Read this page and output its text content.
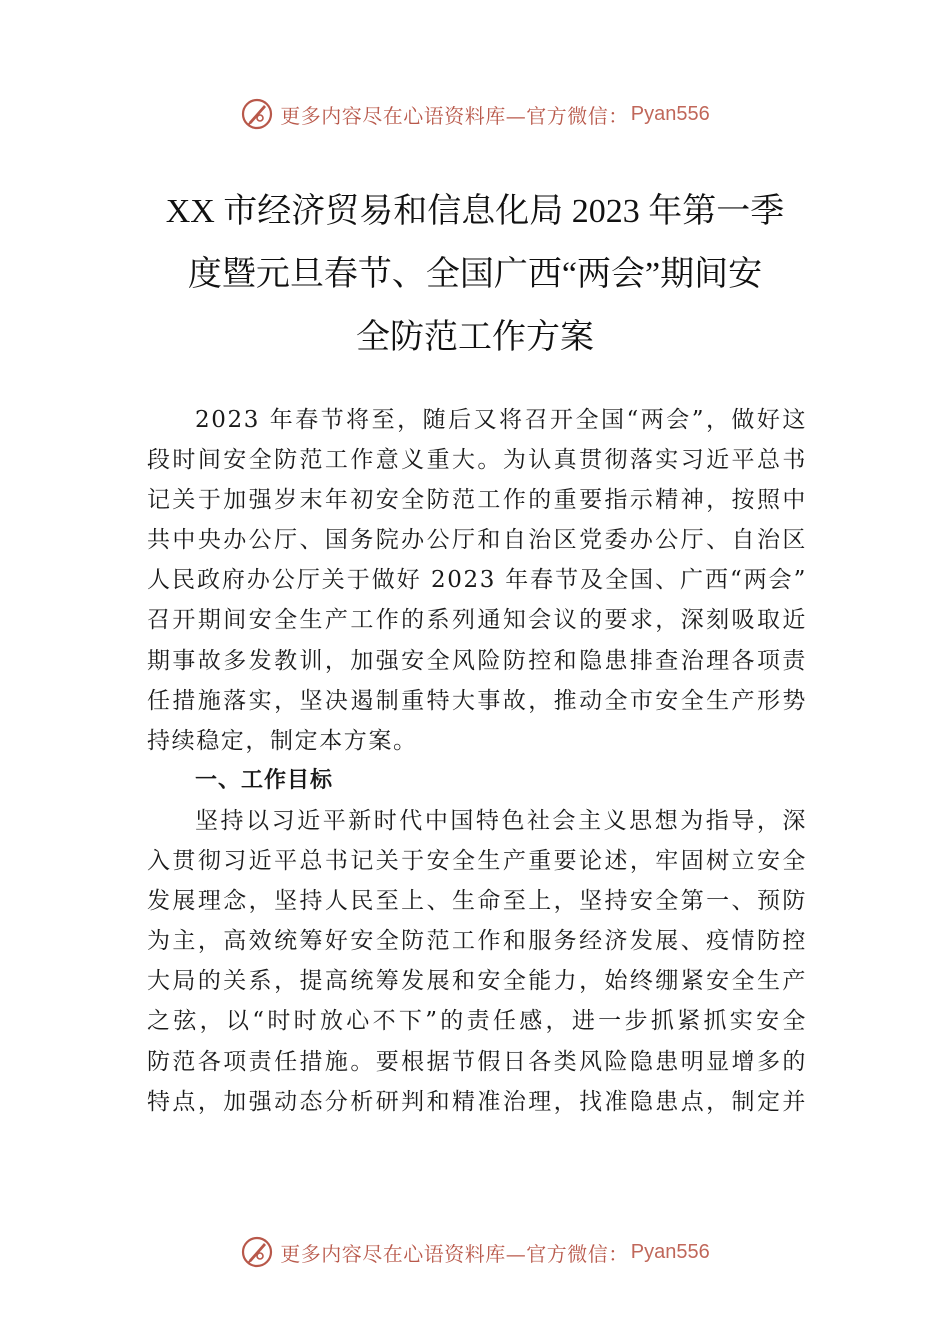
更多内容尽在心语资料库—官方微信： Pyan556
XX 市经济贸易和信息化局 2023 年第一季
度暨元旦春节、全国广西“两会”期间安
全防范工作方案
2023 年春节将至，随后又将召开全国“两会”，做好这
段时间安全防范工作意义重大。为认真贯彻落实习近平总书
记关于加强岁末年初安全防范工作的重要指示精神，按照中
共中央办公厅、国务院办公厅和自治区党委办公厅、自治区
人民政府办公厅关于做好 2023 年春节及全国、广西“两会”
召开期间安全生产工作的系列通知会议的要求，深刻吸取近
期事故多发教训，加强安全风险防控和隐患排查治理各项责
任措施落实，坚决遏制重特大事故，推动全市安全生产形势
持续稳定，制定本方案。
一、工作目标
坚持以习近平新时代中国特色社会主义思想为指导，深
入贯彻习近平总书记关于安全生产重要论述，牢固树立安全
发展理念，坚持人民至上、生命至上，坚持安全第一、预防
为主，高效统筹好安全防范工作和服务经济发展、疫情防控
大局的关系，提高统筹发展和安全能力，始终绷紧安全生产
之弦，以“时时放心不下”的责任感，进一步抓紧抓实安全
防范各项责任措施。要根据节假日各类风险隐患明显增多的
特点，加强动态分析研判和精准治理，找准隐患点，制定并
更多内容尽在心语资料库—官方微信： Pyan556
